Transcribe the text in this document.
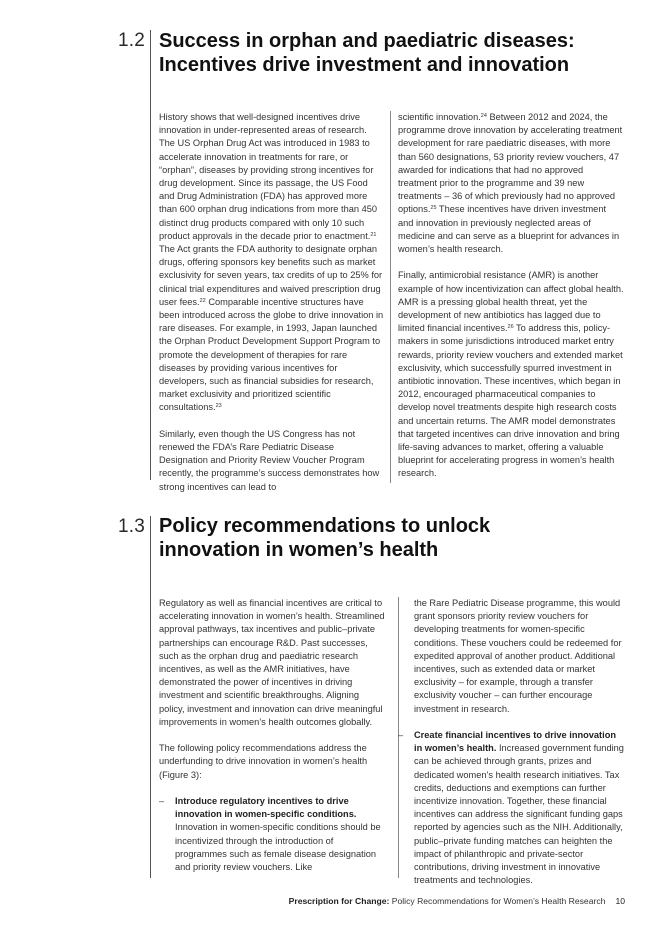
1.2 Success in orphan and paediatric diseases:
Incentives drive investment and innovation

History shows that well-designed incentives drive innovation in under-represented areas of research. The US Orphan Drug Act was introduced in 1983 to accelerate innovation in treatments for rare, or “orphan”, diseases by providing strong incentives for drug development. Since its passage, the US Food and Drug Administration (FDA) has approved more than 600 orphan drug indications from more than 450 distinct drug products compared with only 10 such product approvals in the decade prior to enactment.$^{21}$ The Act grants the FDA authority to designate orphan drugs, offering sponsors key benefits such as market exclusivity for seven years, tax credits of up to 25% for clinical trial expenditures and waived prescription drug user fees.$^{22}$ Comparable incentive structures have been introduced across the globe to drive innovation in rare diseases. For example, in 1993, Japan launched the Orphan Product Development Support Program to promote the development of therapies for rare diseases by providing various incentives for developers, such as financial subsidies for research, market exclusivity and prioritized scientific consultations.$^{23}$

Similarly, even though the US Congress has not renewed the FDA’s Rare Pediatric Disease Designation and Priority Review Voucher Program recently, the programme’s success demonstrates how strong incentives can lead to

scientific innovation.$^{24}$ Between 2012 and 2024, the programme drove innovation by accelerating treatment development for rare paediatric diseases, with more than 560 designations, 53 priority review vouchers, 47 awarded for indications that had no approved treatment prior to the programme and 39 new treatments – 36 of which previously had no approved options.$^{25}$ These incentives have driven investment and innovation in previously neglected areas of medicine and can serve as a blueprint for advances in women’s health research.

Finally, antimicrobial resistance (AMR) is another example of how incentivization can affect global health. AMR is a pressing global health threat, yet the development of new antibiotics has lagged due to limited financial incentives.$^{26}$ To address this, policy-makers in some jurisdictions introduced market entry rewards, priority review vouchers and extended market exclusivity, which successfully spurred investment in antibiotic innovation. These incentives, which began in 2012, encouraged pharmaceutical companies to develop novel treatments despite high research costs and uncertain returns. The AMR model demonstrates that targeted incentives can drive innovation and bring life-saving advances to market, offering a valuable blueprint for accelerating progress in women’s health research.

1.3 Policy recommendations to unlock
innovation in women’s health

Regulatory as well as financial incentives are critical to accelerating innovation in women’s health. Streamlined approval pathways, tax incentives and public–private partnerships can encourage R&D. Past successes, such as the orphan drug and paediatric research incentives, as well as the AMR initiatives, have demonstrated the power of incentives in driving investment and scientific breakthroughs. Aligning policy, investment and innovation can drive meaningful improvements in women’s health outcomes globally.

The following policy recommendations address the underfunding to drive innovation in women’s health (Figure 3):

– Introduce regulatory incentives to drive innovation in women-specific conditions. Innovation in women-specific conditions should be incentivized through the introduction of programmes such as female disease designation and priority review vouchers. Like

the Rare Pediatric Disease programme, this would grant sponsors priority review vouchers for developing treatments for women-specific conditions. These vouchers could be redeemed for expedited approval of another product. Additional incentives, such as extended data or market exclusivity – for example, through a transfer exclusivity voucher – can further encourage investment in research.

– Create financial incentives to drive innovation in women’s health. Increased government funding can be achieved through grants, prizes and dedicated women’s health research initiatives. Tax credits, deductions and exemptions can further incentivize innovation. Together, these financial incentives can address the significant funding gaps reported by agencies such as the NIH. Additionally, public–private funding matches can heighten the impact of philanthropic and private-sector contributions, driving investment in innovative treatments and technologies.
Prescription for Change: Policy Recommendations for Women’s Health Research 10
